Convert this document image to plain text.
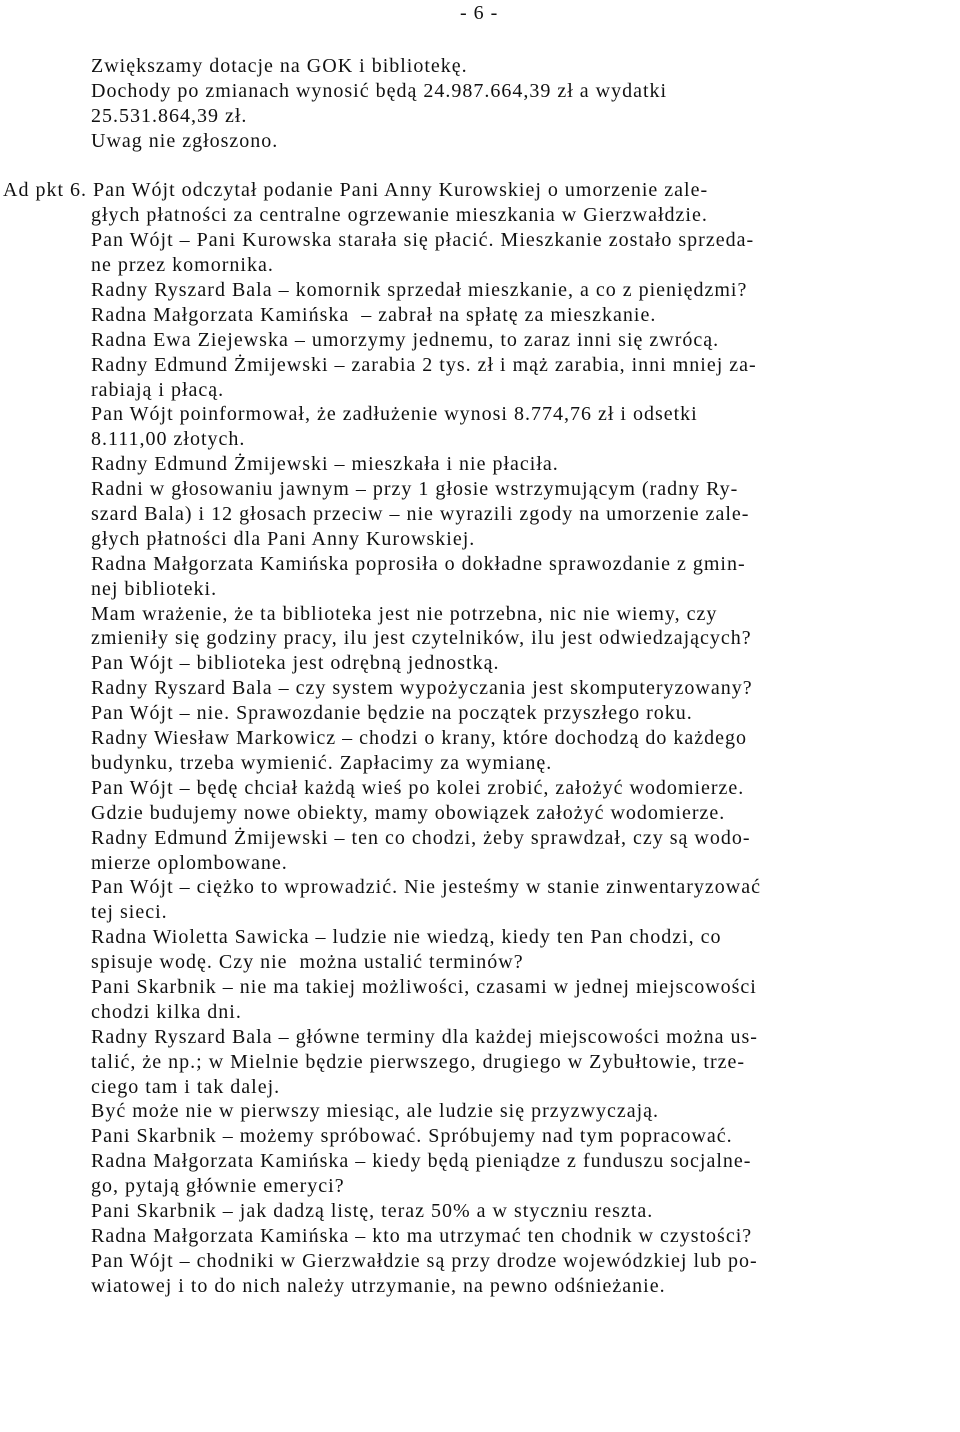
- 6 -
Zwiększamy dotacje na GOK i bibliotekę.
Dochody po zmianach wynosić będą 24.987.664,39 zł a wydatki
25.531.864,39 zł.
Uwag nie zgłoszono.
Ad pkt 6. Pan Wójt odczytał podanie Pani Anny Kurowskiej o umorzenie zale-
głych płatności za centralne ogrzewanie mieszkania w Gierzwałdzie.
Pan Wójt – Pani Kurowska starała się płacić. Mieszkanie zostało sprzeda-
ne przez komornika.
Radny Ryszard Bala – komornik sprzedał mieszkanie, a co z pieniędzmi?
Radna Małgorzata Kamińska  – zabrał na spłatę za mieszkanie.
Radna Ewa Ziejewska – umorzymy jednemu, to zaraz inni się zwrócą.
Radny Edmund Żmijewski – zarabia 2 tys. zł i mąż zarabia, inni mniej za-
rabiają i płacą.
Pan Wójt poinformował, że zadłużenie wynosi 8.774,76 zł i odsetki
8.111,00 złotych.
Radny Edmund Żmijewski – mieszkała i nie płaciła.
Radni w głosowaniu jawnym – przy 1 głosie wstrzymującym (radny Ry-
szard Bala) i 12 głosach przeciw – nie wyrazili zgody na umorzenie zale-
głych płatności dla Pani Anny Kurowskiej.
Radna Małgorzata Kamińska poprosiła o dokładne sprawozdanie z gmin-
nej biblioteki.
Mam wrażenie, że ta biblioteka jest nie potrzebna, nic nie wiemy, czy
zmieniły się godziny pracy, ilu jest czytelników, ilu jest odwiedzających?
Pan Wójt – biblioteka jest odrębną jednostką.
Radny Ryszard Bala – czy system wypożyczania jest skomputeryzowany?
Pan Wójt – nie. Sprawozdanie będzie na początek przyszłego roku.
Radny Wiesław Markowicz – chodzi o krany, które dochodzą do każdego
budynku, trzeba wymienić. Zapłacimy za wymianę.
Pan Wójt – będę chciał każdą wieś po kolei zrobić, założyć wodomierze.
Gdzie budujemy nowe obiekty, mamy obowiązek założyć wodomierze.
Radny Edmund Żmijewski – ten co chodzi, żeby sprawdzał, czy są wodo-
mierze oplombowane.
Pan Wójt – ciężko to wprowadzić. Nie jesteśmy w stanie zinwentaryzować
tej sieci.
Radna Wioletta Sawicka – ludzie nie wiedzą, kiedy ten Pan chodzi, co
spisuje wodę. Czy nie  można ustalić terminów?
Pani Skarbnik – nie ma takiej możliwości, czasami w jednej miejscowości
chodzi kilka dni.
Radny Ryszard Bala – główne terminy dla każdej miejscowości można us-
talić, że np.; w Mielnie będzie pierwszego, drugiego w Zybułtowie, trze-
ciego tam i tak dalej.
Być może nie w pierwszy miesiąc, ale ludzie się przyzwyczają.
Pani Skarbnik – możemy spróbować. Spróbujemy nad tym popracować.
Radna Małgorzata Kamińska – kiedy będą pieniądze z funduszu socjalne-
go, pytają głównie emeryci?
Pani Skarbnik – jak dadzą listę, teraz 50% a w styczniu reszta.
Radna Małgorzata Kamińska – kto ma utrzymać ten chodnik w czystości?
Pan Wójt – chodniki w Gierzwałdzie są przy drodze wojewódzkiej lub po-
wiatowej i to do nich należy utrzymanie, na pewno odśnieżanie.
